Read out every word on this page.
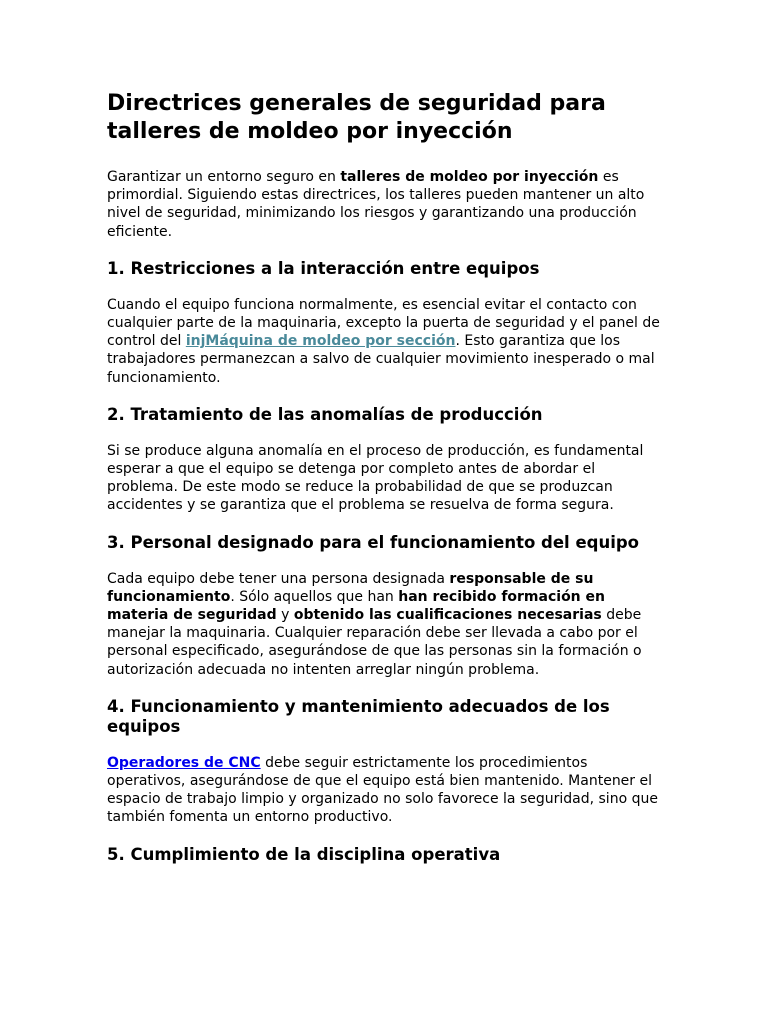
Directrices generales de seguridad para talleres de moldeo por inyección

Garantizar un entorno seguro en talleres de moldeo por inyección es primordial. Siguiendo estas directrices, los talleres pueden mantener un alto nivel de seguridad, minimizando los riesgos y garantizando una producción eficiente.

1. Restricciones a la interacción entre equipos

Cuando el equipo funciona normalmente, es esencial evitar el contacto con cualquier parte de la maquinaria, excepto la puerta de seguridad y el panel de control del injMáquina de moldeo por sección. Esto garantiza que los trabajadores permanezcan a salvo de cualquier movimiento inesperado o mal funcionamiento.

2. Tratamiento de las anomalías de producción

Si se produce alguna anomalía en el proceso de producción, es fundamental esperar a que el equipo se detenga por completo antes de abordar el problema. De este modo se reduce la probabilidad de que se produzcan accidentes y se garantiza que el problema se resuelva de forma segura.

3. Personal designado para el funcionamiento del equipo

Cada equipo debe tener una persona designada responsable de su funcionamiento. Sólo aquellos que han han recibido formación en materia de seguridad y obtenido las cualificaciones necesarias debe manejar la maquinaria. Cualquier reparación debe ser llevada a cabo por el personal especificado, asegurándose de que las personas sin la formación o autorización adecuada no intenten arreglar ningún problema.

4. Funcionamiento y mantenimiento adecuados de los equipos

Operadores de CNC debe seguir estrictamente los procedimientos operativos, asegurándose de que el equipo está bien mantenido. Mantener el espacio de trabajo limpio y organizado no solo favorece la seguridad, sino que también fomenta un entorno productivo.

5. Cumplimiento de la disciplina operativa
